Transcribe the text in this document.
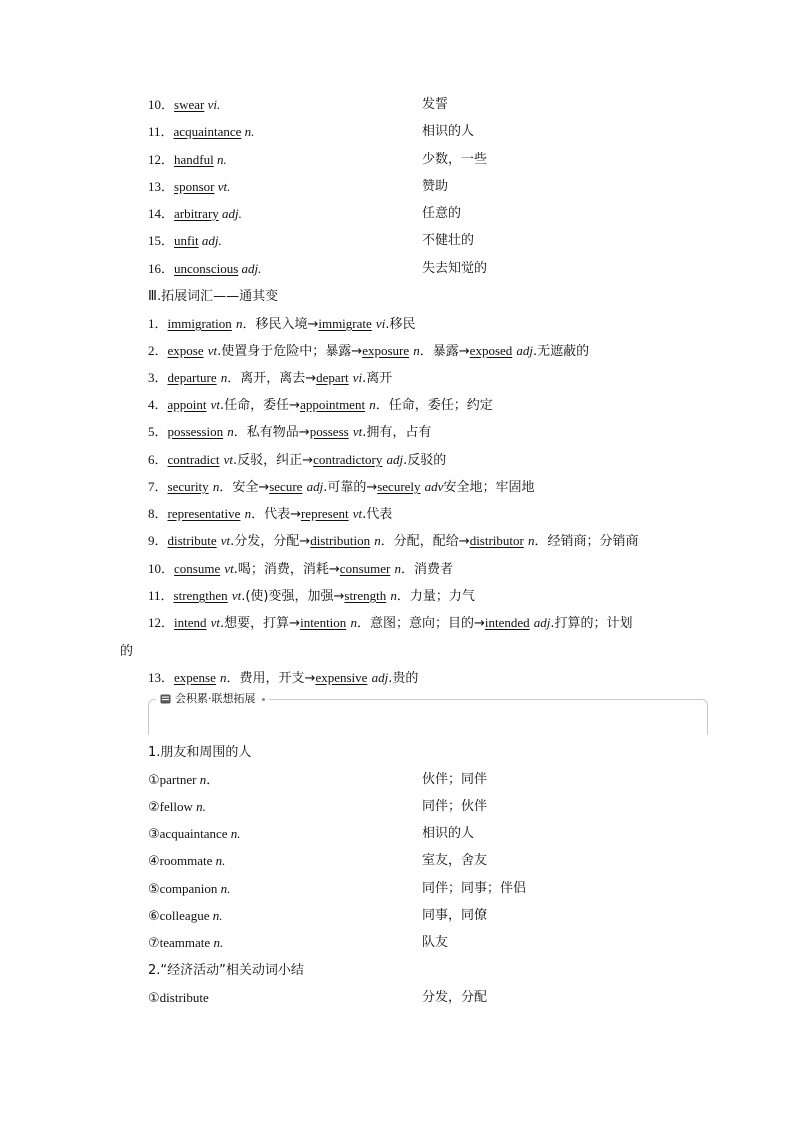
10．swear vi.	发誓
11．acquaintance n.	相识的人
12．handful n.	少数，一些
13．sponsor vt.	赞助
14．arbitrary adj.	任意的
15．unfit adj.	不健壮的
16．unconscious adj.	失去知觉的
Ⅲ.拓展词汇——通其变
1．immigration n．移民入境→immigrate vi.移民
2．expose vt.使置身于危险中；暴露→exposure n．暴露→exposed adj.无遮蔽的
3．departure n．离开，离去→depart vi.离开
4．appoint vt.任命，委任→appointment n．任命，委任；约定
5．possession n．私有物品→possess vt.拥有，占有
6．contradict vt.反驳，纠正→contradictory adj.反驳的
7．security n．安全→secure adj.可靠的→securely adv安全地；牢固地
8．representative n．代表→represent vt.代表
9．distribute vt.分发，分配→distribution n．分配，配给→distributor n．经销商；分销商
10．consume vt.喝；消费，消耗→consumer n．消费者
11．strengthen vt.(使)变强，加强→strength n．力量；力气
12．intend vt.想要，打算→intention n．意图；意向；目的→intended adj.打算的；计划
的
13．expense n．费用，开支→expensive adj.贵的
会积累·联想拓展
1.朋友和周围的人
①partner n．	伙伴；同伴
②fellow n.	同伴；伙伴
③acquaintance n.	相识的人
④roommate n.	室友，舍友
⑤companion n.	同伴；同事；伴侣
⑥colleague n.	同事，同僚
⑦teammate n.	队友
2.“经济活动”相关动词小结
①distribute	分发，分配
